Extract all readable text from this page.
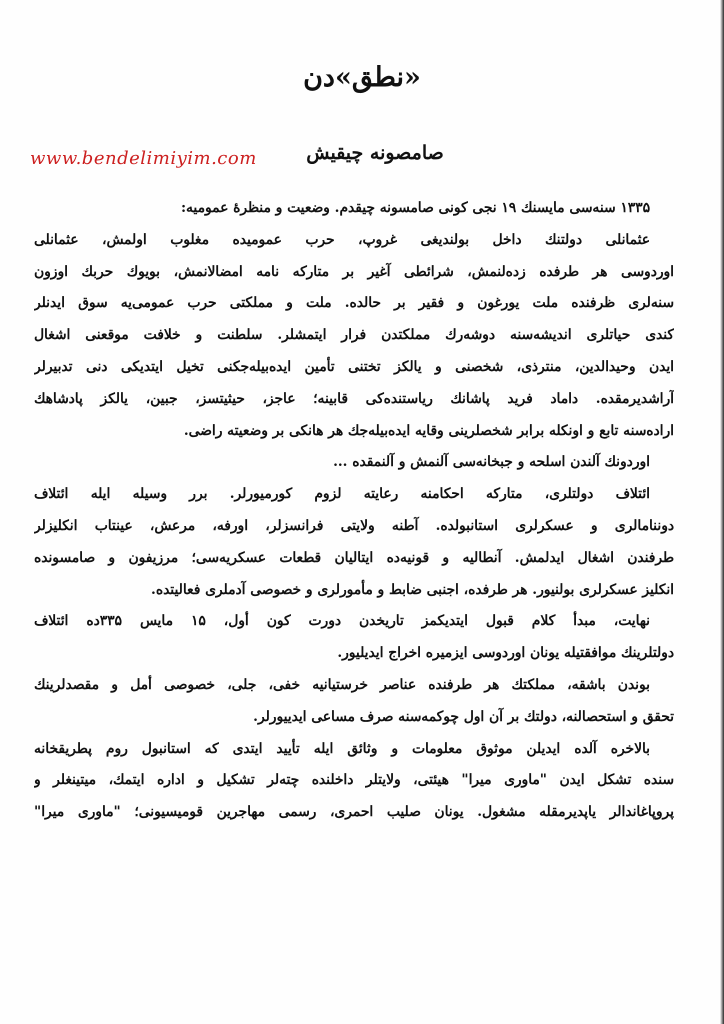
«نطق»دن
www.bendelimiyim.com	صامصونه چیقیش
۱۳۳۵ سنه‌سی مایسنك ۱۹ نجی کونی صامسونه چیقدم. وضعیت و منظرهٔ عمومیه:
عثمانلی دولتنك داخل بولندیغی غروپ، حرب عمومیده مغلوب اولمش، عثمانلی
اوردوسی هر طرفده زده‌لنمش، شرائطی آغیر بر متارکه نامه امضالانمش، بویوك حربك اوزون
سنه‌لری ظرفنده ملت یورغون و فقیر بر حالده. ملت و مملکتی حرب عمومی‌یه سوق ایدنلر
کندی حیاتلری اندیشه‌سنه دوشه‌رك مملکتدن فرار ایتمشلر. سلطنت و خلافت موقعنی اشغال
ایدن وحیدالدین، منترذی، شخصنی و یالکز تختنی تأمین ایده‌بیله‌جکنی تخیل ایتدیکی دنی تدبیرلر
آراشدیرمقده. داماد فرید پاشانك ریاستنده‌کی قابینه؛ عاجز، حیثیتسز، جبین، یالکز پادشاهك
اراده‌سنه تابع و اونکله برابر شخصلرینی وقایه ایده‌بیله‌جك هر هانکی بر وضعیته راضی.
اوردونك آلندن اسلحه و جبخانه‌سی آلنمش و آلنمقده ...
ائتلاف دولتلری، متارکه احکامنه رعایته لزوم کورمیورلر. برر وسیله ایله ائتلاف
دوننامالری و عسکرلری استانبولده. آطنه ولایتی فرانسزلر، اورفه، مرعش، عینتاب انکلیزلر
طرفندن اشغال ایدلمش. آنطالیه و قونیه‌ده ایتالیان قطعات عسکریه‌سی؛ مرزیفون و صامسونده
انکلیز عسکرلری بولنیور. هر طرفده، اجنبی ضابط و مأمورلری و خصوصی آدملری فعالیتده.
نهایت، مبدأ کلام قبول ایتدیکمز تاریخدن دورت کون أول، ۱۵ مایس ۳۳۵ده ائتلاف
دولتلرینك موافقتیله یونان اوردوسی ایزمیره اخراج ایدیلیور.
بوندن باشقه، مملکتك هر طرفنده عناصر خرستیانیه خفی، جلی، خصوصی أمل و مقصدلرینك
تحقق و استحصالنه، دولتك بر آن اول چوکمه‌سنه صرف مساعی ایدییورلر.
بالاخره آلده ایدیلن موثوق معلومات و وثائق ایله تأیید ایتدی که استانبول روم پطریقخانه
سنده تشکل ایدن "ماوری میرا" هیئتی، ولایتلر داخلنده چته‌لر تشکیل و اداره ایتمك، میتینغلر و
پروپاغاندالر یاپدیرمقله مشغول. یونان صلیب احمری، رسمی مهاجرین قومیسیونی؛ "ماوری میرا"
